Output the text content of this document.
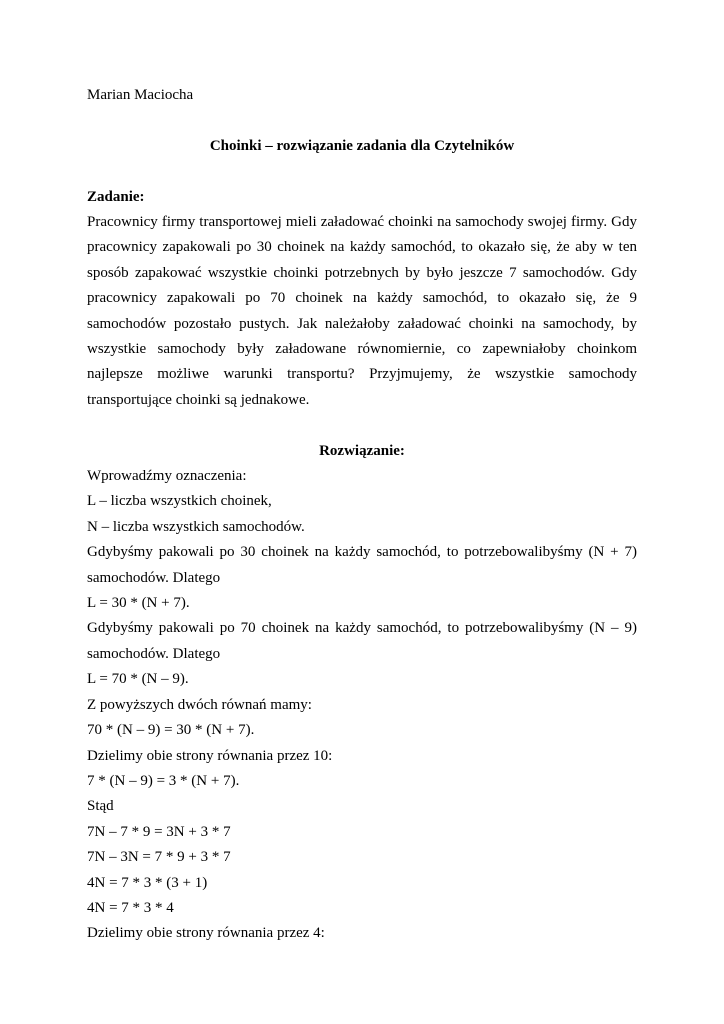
Marian Maciocha

Choinki – rozwiązanie zadania dla Czytelników

Zadanie:

Pracownicy firmy transportowej mieli załadować choinki na samochody swojej firmy. Gdy pracownicy zapakowali po 30 choinek na każdy samochód, to okazało się, że aby w ten sposób zapakować wszystkie choinki potrzebnych by było jeszcze 7 samochodów. Gdy pracownicy zapakowali po 70 choinek na każdy samochód, to okazało się, że 9 samochodów pozostało pustych. Jak należałoby załadować choinki na samochody, by wszystkie samochody były załadowane równomiernie, co zapewniałoby choinkom najlepsze możliwe warunki transportu? Przyjmujemy, że wszystkie samochody transportujące choinki są jednakowe.

Rozwiązanie:

Wprowadźmy oznaczenia:

L – liczba wszystkich choinek,

N – liczba wszystkich samochodów.

Gdybyśmy pakowali po 30 choinek na każdy samochód, to potrzebowalibyśmy (N + 7) samochodów. Dlatego

L = 30 * (N + 7).

Gdybyśmy pakowali po 70 choinek na każdy samochód, to potrzebowalibyśmy (N – 9) samochodów. Dlatego

L = 70 * (N – 9).

Z powyższych dwóch równań mamy:

70 * (N – 9) = 30 * (N + 7).

Dzielimy obie strony równania przez 10:

7 * (N – 9) = 3 * (N + 7).

Stąd

7N – 7 * 9 = 3N + 3 * 7

7N – 3N = 7 * 9 + 3 * 7

4N = 7 * 3 * (3 + 1)

4N = 7 * 3 * 4

Dzielimy obie strony równania przez 4:
